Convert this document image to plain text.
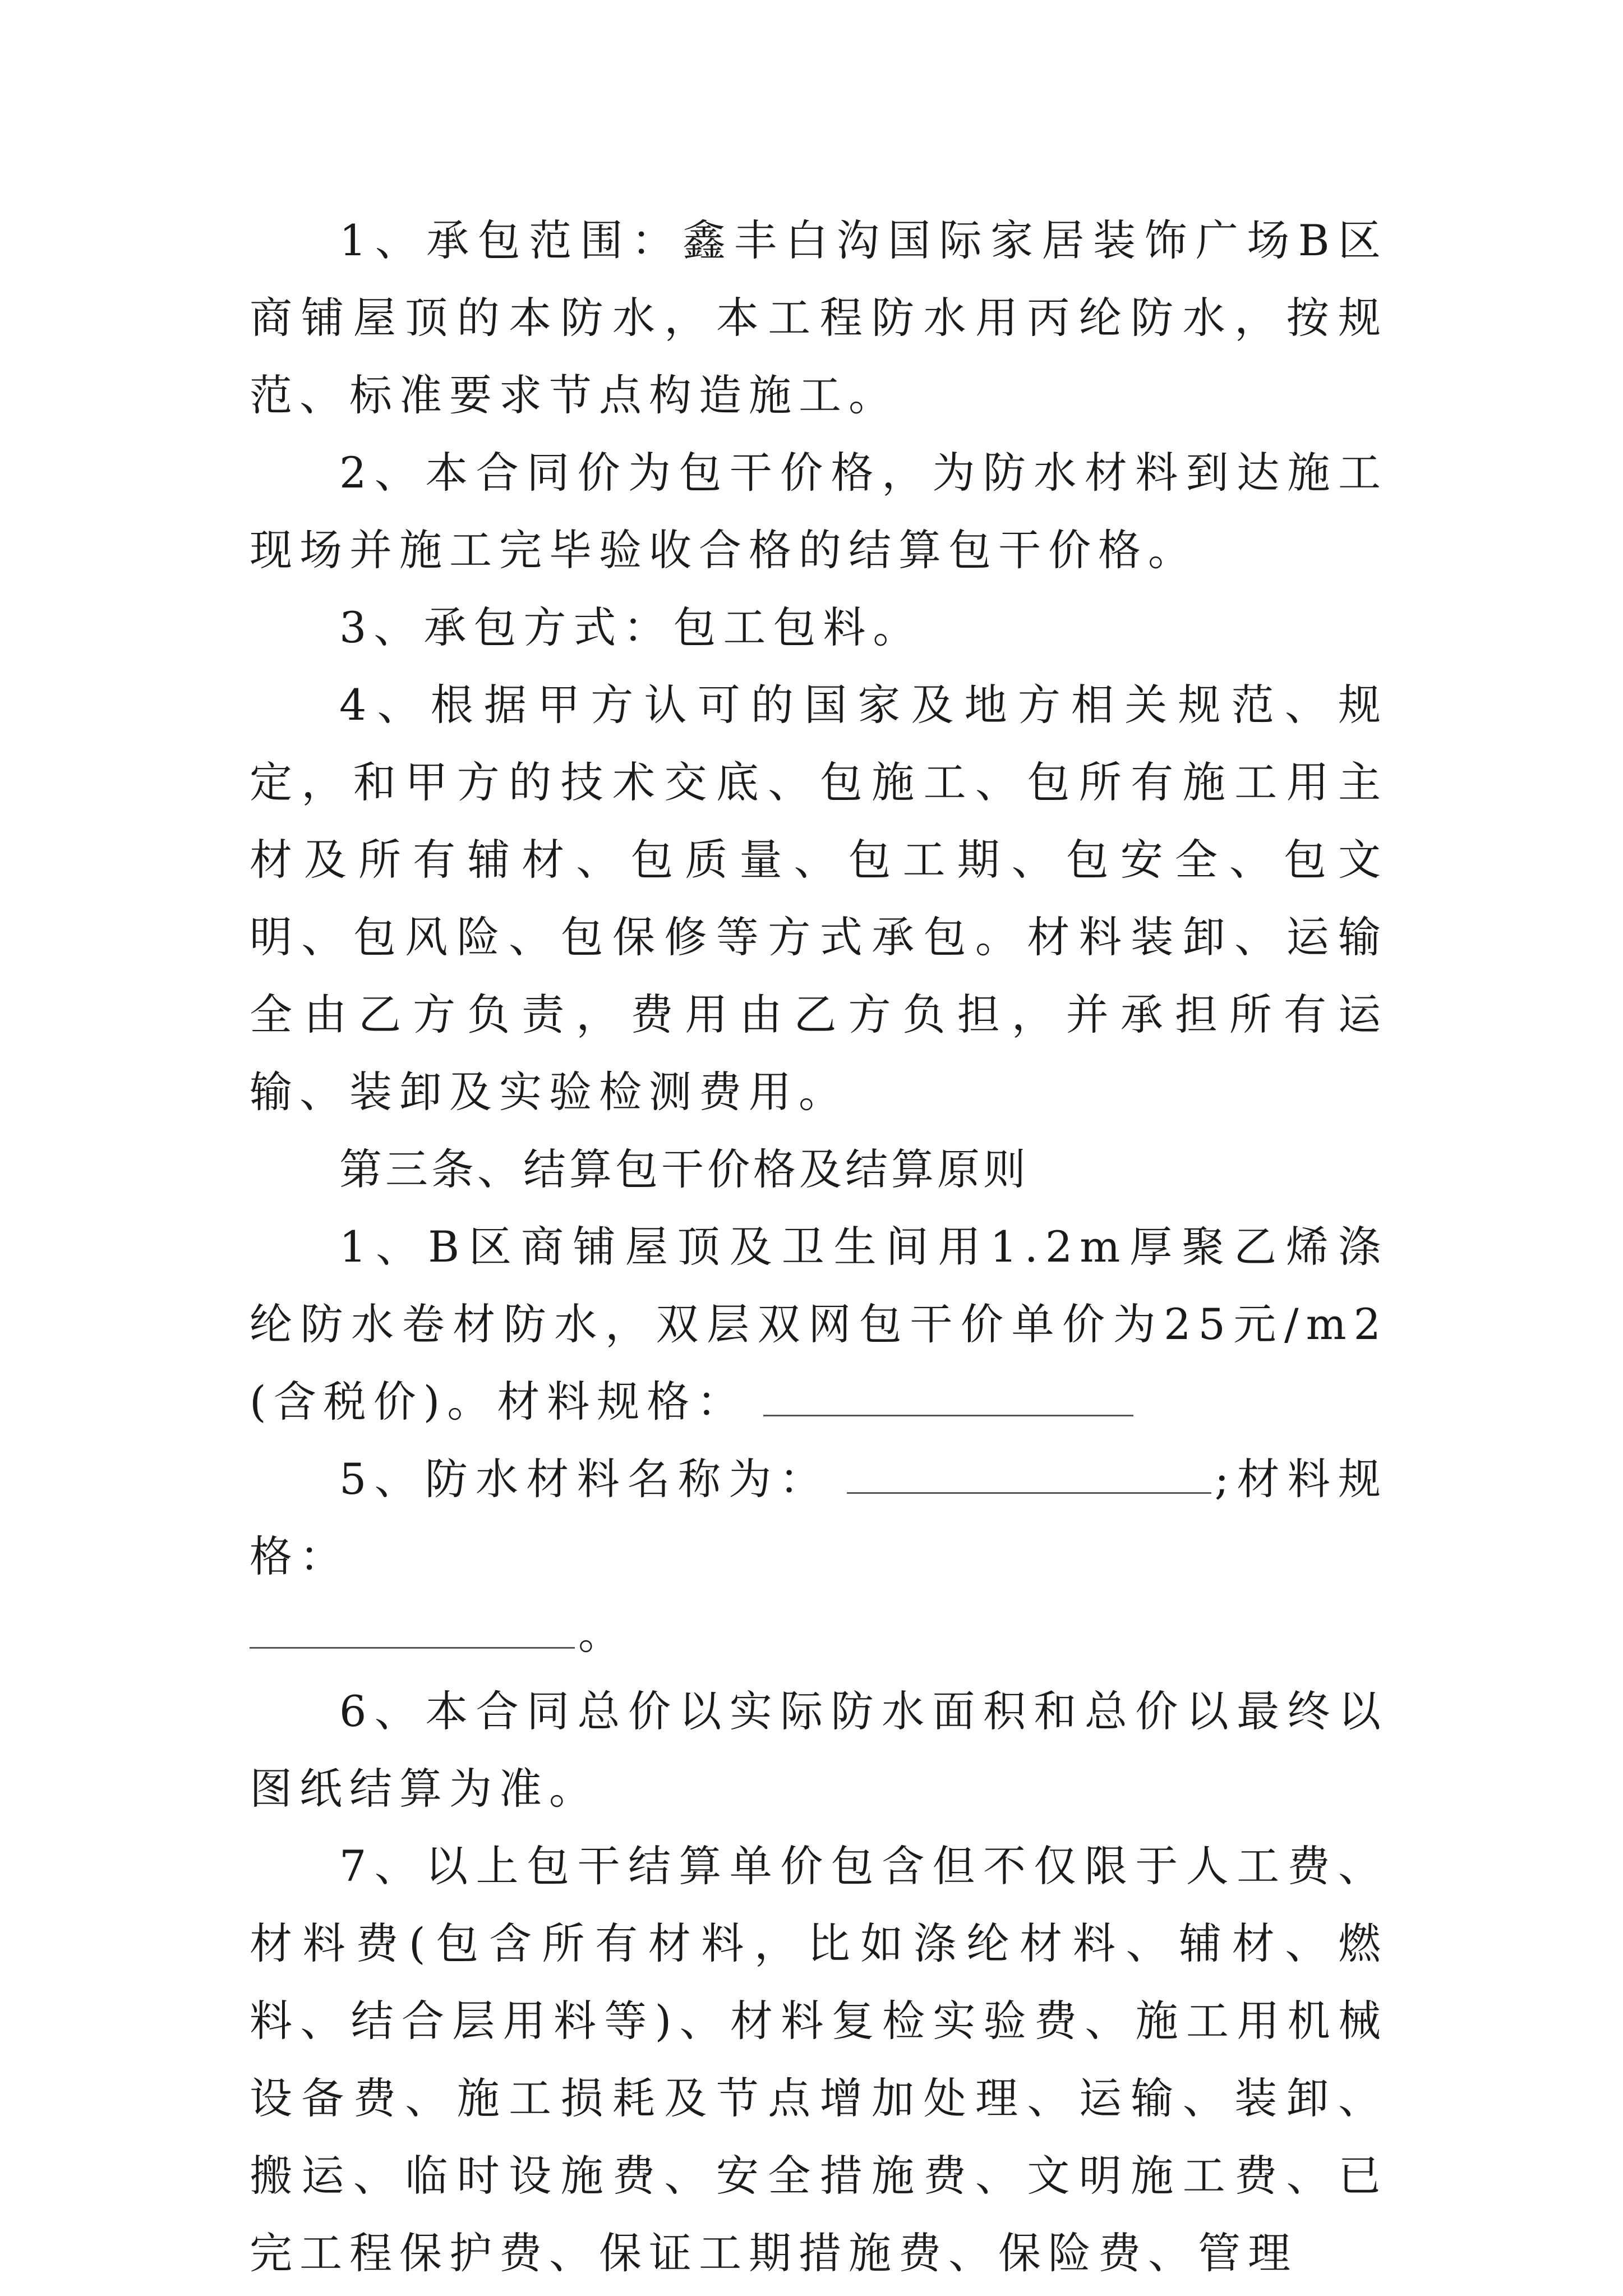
1、承包范围：鑫丰白沟国际家居装饰广场B区商铺屋顶的本防水，本工程防水用丙纶防水，按规范、标准要求节点构造施工。

2、本合同价为包干价格，为防水材料到达施工现场并施工完毕验收合格的结算包干价格。

3、承包方式：包工包料。

4、根据甲方认可的国家及地方相关规范、规定，和甲方的技术交底、包施工、包所有施工用主材及所有辅材、包质量、包工期、包安全、包文明、包风险、包保修等方式承包。材料装卸、运输全由乙方负责，费用由乙方负担，并承担所有运输、装卸及实验检测费用。

第三条、结算包干价格及结算原则

1、B区商铺屋顶及卫生间用1.2m厚聚乙烯涤纶防水卷材防水，双层双网包干价单价为25元/m2(含税价)。材料规格：

5、防水材料名称为：	;材料规格：
。

6、本合同总价以实际防水面积和总价以最终以图纸结算为准。

7、以上包干结算单价包含但不仅限于人工费、材料费(包含所有材料，比如涤纶材料、辅材、燃料、结合层用料等)、材料复检实验费、施工用机械设备费、施工损耗及节点增加处理、运输、装卸、搬运、临时设施费、安全措施费、文明施工费、已完工程保护费、保证工期措施费、保险费、管理
